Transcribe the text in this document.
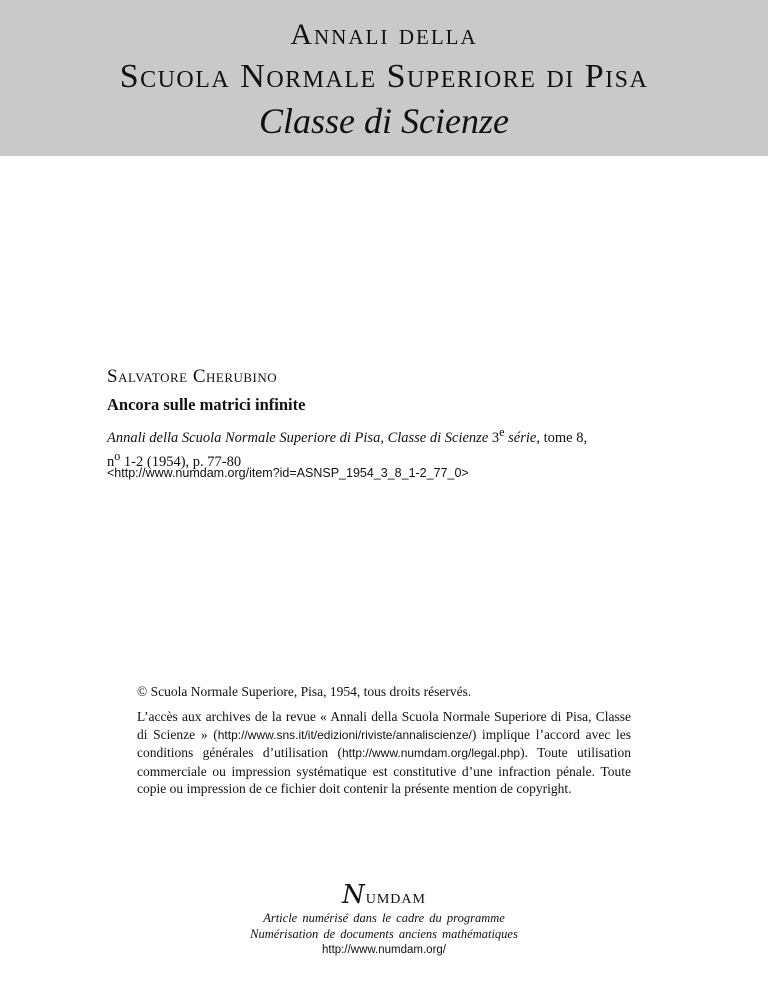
Annali della
Scuola Normale Superiore di Pisa
Classe di Scienze
Salvatore Cherubino
Ancora sulle matrici infinite
Annali della Scuola Normale Superiore di Pisa, Classe di Scienze 3e série, tome 8,
$n^o$ 1-2 (1954), p. 77-80
<http://www.numdam.org/item?id=ASNSP_1954_3_8_1-2_77_0>
© Scuola Normale Superiore, Pisa, 1954, tous droits réservés.
L’accès aux archives de la revue « Annali della Scuola Normale Superiore di Pisa, Classe di Scienze » (http://www.sns.it/it/edizioni/riviste/annaliscienze/) implique l’accord avec les conditions générales d’utilisation (http://www.numdam.org/legal.php). Toute utilisation commerciale ou impression systématique est constitutive d’une infraction pénale. Toute copie ou impression de ce fichier doit contenir la présente mention de copyright.
Numdam
Article numérisé dans le cadre du programme
Numérisation de documents anciens mathématiques
http://www.numdam.org/
